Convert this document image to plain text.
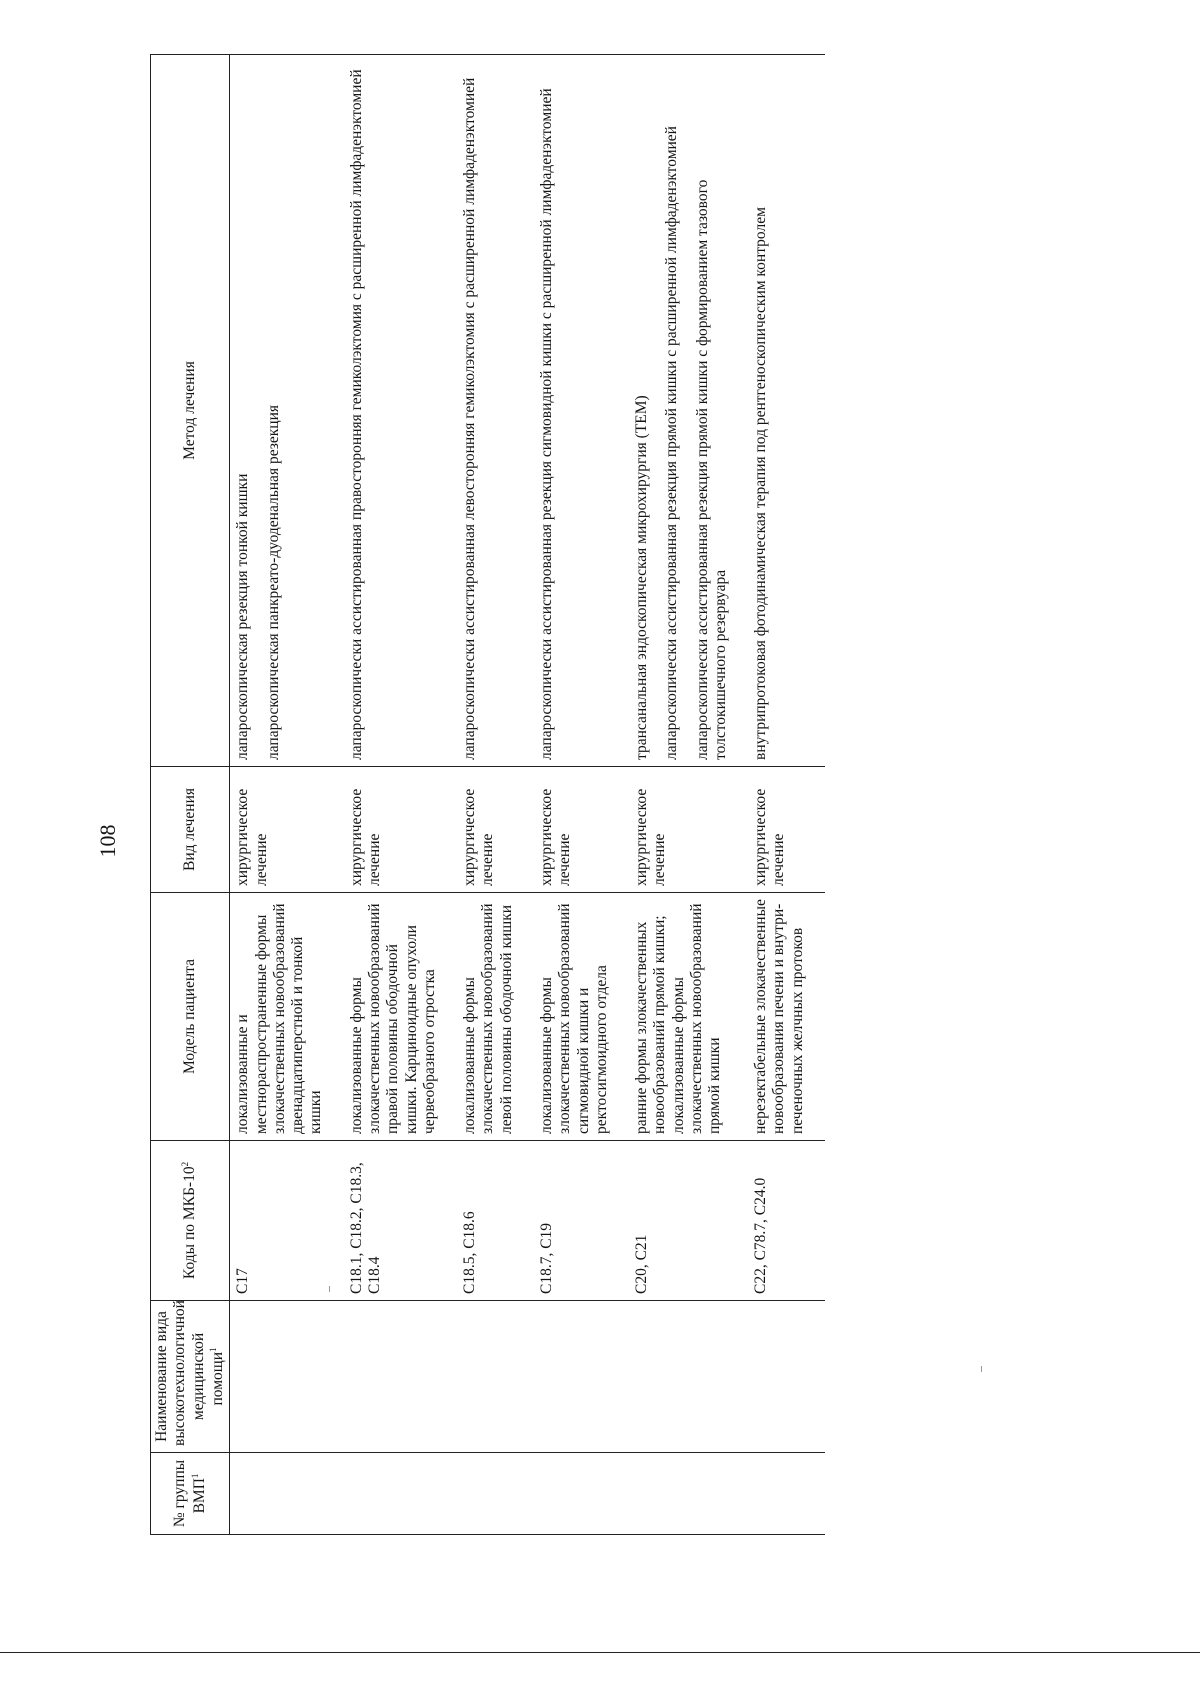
108
№ группы ВМП$^1$	Наименование вида высокотехнологичной медицинской помощи$^1$	Коды по МКБ-$10^2$	Модель пациента	Вид лечения	Метод лечения
		C17	локализованные и местнораспространенные формы злокачественных новообразований двенадцатиперстной и тонкой кишки	хирургическое лечение	лапароскопическая резекция тонкой кишки лапароскопическая панкреато-дуоденальная резекция

		C18.1, C18.2, C18.3, C18.4	локализованные формы злокачественных новообразований правой половины ободочной кишки. Карциноидные опухоли червеобразного отростка	хирургическое лечение	лапароскопически ассистированная правосторонняя гемиколэктомия с расширенной лимфаденэктомией

		C18.5, C18.6	локализованные формы злокачественных новообразований левой половины ободочной кишки	хирургическое лечение	лапароскопически ассистированная левосторонняя гемиколэктомия с расширенной лимфаденэктомией

		C18.7, C19	локализованные формы злокачественных новообразований сигмовидной кишки и ректосигмоидного отдела	хирургическое лечение	лапароскопически ассистированная резекция сигмовидной кишки с расширенной лимфаденэктомией

		C20, C21	ранние формы злокачественных новообразований прямой кишки; локализованные формы злокачественных новообразований прямой кишки	хирургическое лечение	трансанальная эндоскопическая микрохирургия (ТЕМ) лапароскопически ассистированная резекция прямой кишки с расширенной лимфаденэктомией лапароскопически ассистированная резекция прямой кишки с формированием тазового толстокишечного резервуара

		C22, C78.7, C24.0	нерезектабельные злокачественные новообразования печени и внутри-печеночных желчных протоков	хирургическое лечение	внутрипротоковая фотодинамическая терапия под рентгеноскопическим контролем
